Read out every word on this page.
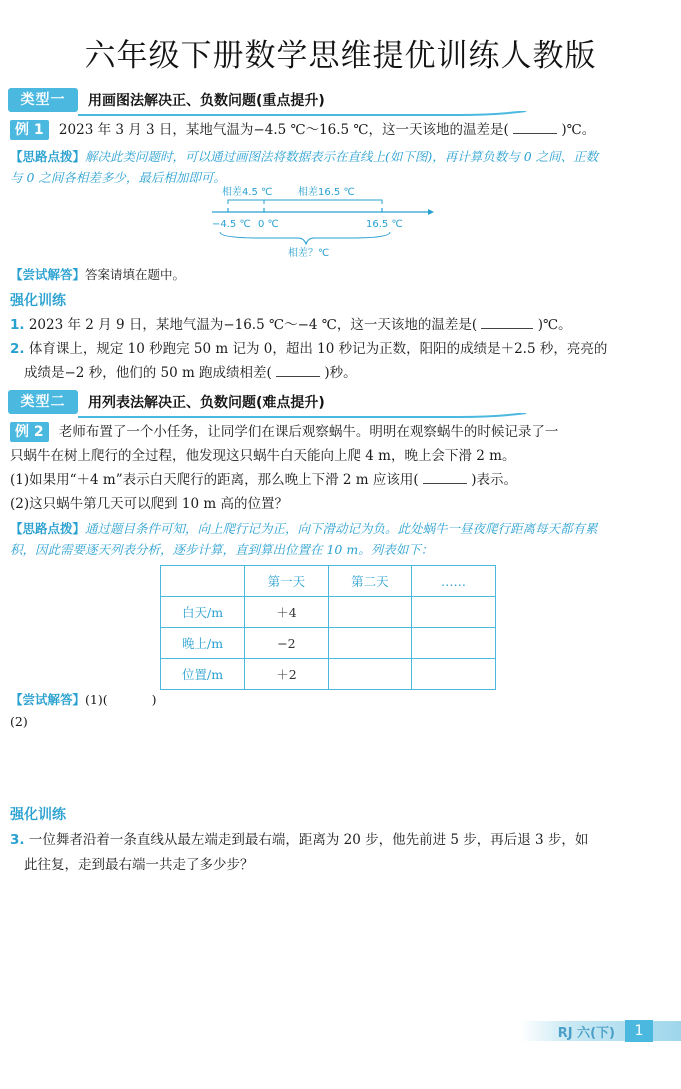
六年级下册数学思维提优训练人教版
类型一	用画图法解决正、负数问题(重点提升)
例 1 2023 年 3 月 3 日，某地气温为−4.5 ℃～16.5 ℃，这一天该地的温差是(	)℃。
【思路点拨】解决此类问题时，可以通过画图法将数据表示在直线上(如下图)，再计算负数与 0 之间、正数
与 0 之间各相差多少，最后相加即可。
相差4.5 ℃	相差16.5 ℃
−4.5 ℃ 0 ℃	16.5 ℃
相差？℃
【尝试解答】答案请填在题中。
强化训练
1. 2023 年 2 月 9 日，某地气温为−16.5 ℃～−4 ℃，这一天该地的温差是(	)℃。
2. 体育课上，规定 10 秒跑完 50 m 记为 0，超出 10 秒记为正数，阳阳的成绩是＋2.5 秒，亮亮的
成绩是−2 秒，他们的 50 m 跑成绩相差(	)秒。
类型二	用列表法解决正、负数问题(难点提升)
例 2 老师布置了一个小任务，让同学们在课后观察蜗牛。明明在观察蜗牛的时候记录了一
只蜗牛在树上爬行的全过程，他发现这只蜗牛白天能向上爬 4 m，晚上会下滑 2 m。
(1)如果用“＋4 m”表示白天爬行的距离，那么晚上下滑 2 m 应该用(	)表示。
(2)这只蜗牛第几天可以爬到 10 m 高的位置？
【思路点拨】通过题目条件可知，向上爬行记为正，向下滑动记为负。此处蜗牛一昼夜爬行距离每天都有累
积，因此需要逐天列表分析，逐步计算，直到算出位置在 10 m。列表如下：
	第一天	第二天	……
白天/m	＋4		
晚上/m	−2		
位置/m	＋2		
【尝试解答】(1)(	)
(2)
强化训练
3. 一位舞者沿着一条直线从最左端走到最右端，距离为 20 步，他先前进 5 步，再后退 3 步，如
此往复，走到最右端一共走了多少步？
RJ 六(下)	1
